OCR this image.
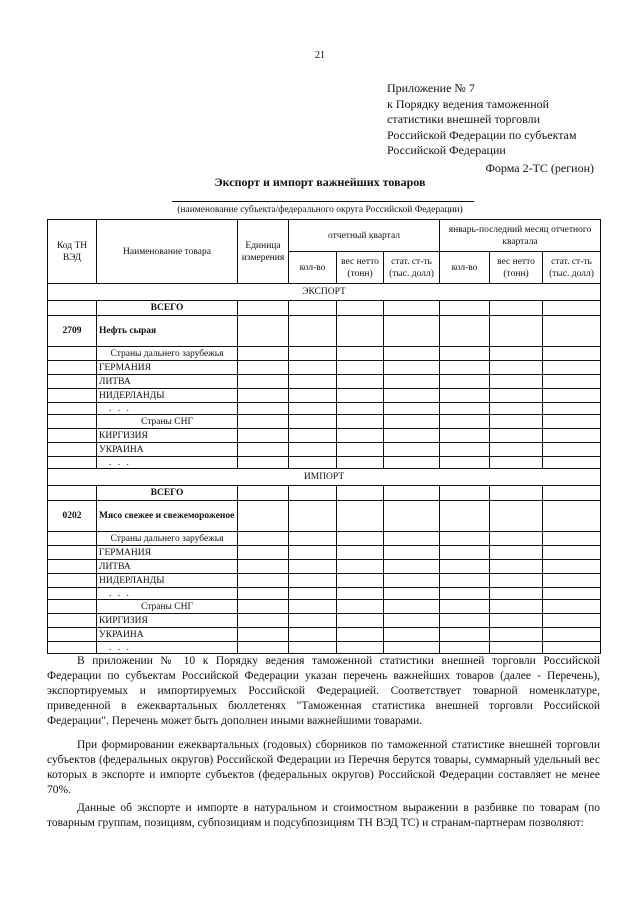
21
Приложение № 7
к Порядку ведения таможенной
статистики внешней торговли
Российской Федерации по субъектам
Российской Федерации
Форма 2-ТС (регион)
Экспорт и импорт важнейших товаров
(наименование субъекта/федерального округа Российской Федерации)
Код ТН ВЭД	Наименование товара	Единица измерения	отчетный квартал			январь-последний месяц отчетного квартала		
			кол-во	вес нетто (тонн)	стат. ст-ть (тыс. долл)	кол-во	вес нетто (тонн)	стат. ст-ть (тыс. долл)
ЭКСПОРТ								
	ВСЕГО							
2709	Нефть сырая							
	Страны дальнего зарубежья							
	ГЕРМАНИЯ							
	ЛИТВА							
	НИДЕРЛАНДЫ							
	. . .							
	Страны СНГ							
	КИРГИЗИЯ							
	УКРАИНА							
	. . .							
ИМПОРТ								
	ВСЕГО							
0202	Мясо свежее и свежемороженое							
	Страны дальнего зарубежья							
	ГЕРМАНИЯ							
	ЛИТВА							
	НИДЕРЛАНДЫ							
	. . .							
	Страны СНГ							
	КИРГИЗИЯ							
	УКРАИНА							
	. . .							

В приложении № 10 к Порядку ведения таможенной статистики внешней торговли Российской Федерации по субъектам Российской Федерации указан перечень важнейших товаров (далее - Перечень), экспортируемых и импортируемых Российской Федерацией. Соответствует товарной номенклатуре, приведенной в ежеквартальных бюллетенях "Таможенная статистика внешней торговли Российской Федерации". Перечень может быть дополнен иными важнейшими товарами.

При формировании ежеквартальных (годовых) сборников по таможенной статистике внешней торговли субъектов (федеральных округов) Российской Федерации из Перечня берутся товары, суммарный удельный вес которых в экспорте и импорте субъектов (федеральных округов) Российской Федерации составляет не менее 70%.

Данные об экспорте и импорте в натуральном и стоимостном выражении в разбивке по товарам (по товарным группам, позициям, субпозициям и подсубпозициям ТН ВЭД ТС) и странам-партнерам позволяют:
